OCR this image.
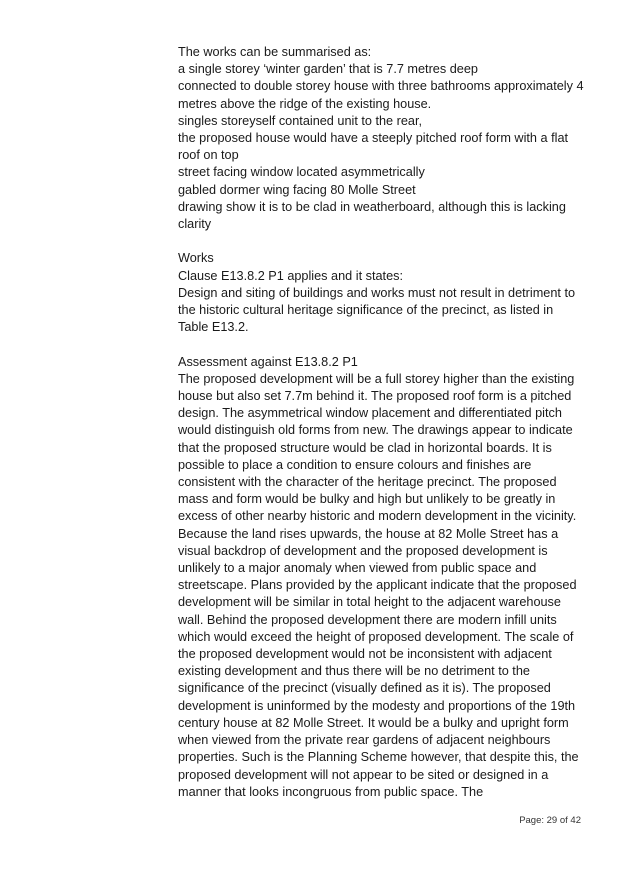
The works can be summarised as:

a single storey ‘winter garden’ that is 7.7 metres deep

connected to double storey house with three bathrooms approximately 4 metres above the ridge of the existing house.

singles storeyself contained unit to the rear,

the proposed house would have a steeply pitched roof form with a flat roof on top

street facing window located asymmetrically

gabled dormer wing facing 80 Molle Street

drawing show it is to be clad in weatherboard, although this is lacking clarity

Works

Clause E13.8.2 P1 applies and it states:

Design and siting of buildings and works must not result in detriment to the historic cultural heritage significance of the precinct, as listed in Table E13.2.

Assessment against E13.8.2 P1

The proposed development will be a full storey higher than the existing house but also set 7.7m behind it. The proposed roof form is a pitched design. The asymmetrical window placement and differentiated pitch would distinguish old forms from new. The drawings appear to indicate that the proposed structure would be clad in horizontal boards. It is possible to place a condition to ensure colours and finishes are consistent with the character of the heritage precinct. The proposed mass and form would be bulky and high but unlikely to be greatly in excess of other nearby historic and modern development in the vicinity. Because the land rises upwards, the house at 82 Molle Street has a visual backdrop of development and the proposed development is unlikely to a major anomaly when viewed from public space and streetscape. Plans provided by the applicant indicate that the proposed development will be similar in total height to the adjacent warehouse wall. Behind the proposed development there are modern infill units which would exceed the height of proposed development. The scale of the proposed development would not be inconsistent with adjacent existing development and thus there will be no detriment to the significance of the precinct (visually defined as it is). The proposed development is uninformed by the modesty and proportions of the 19th century house at 82 Molle Street. It would be a bulky and upright form when viewed from the private rear gardens of adjacent neighbours properties. Such is the Planning Scheme however, that despite this, the proposed development will not appear to be sited or designed in a manner that looks incongruous from public space. The

Page: 29 of 42
